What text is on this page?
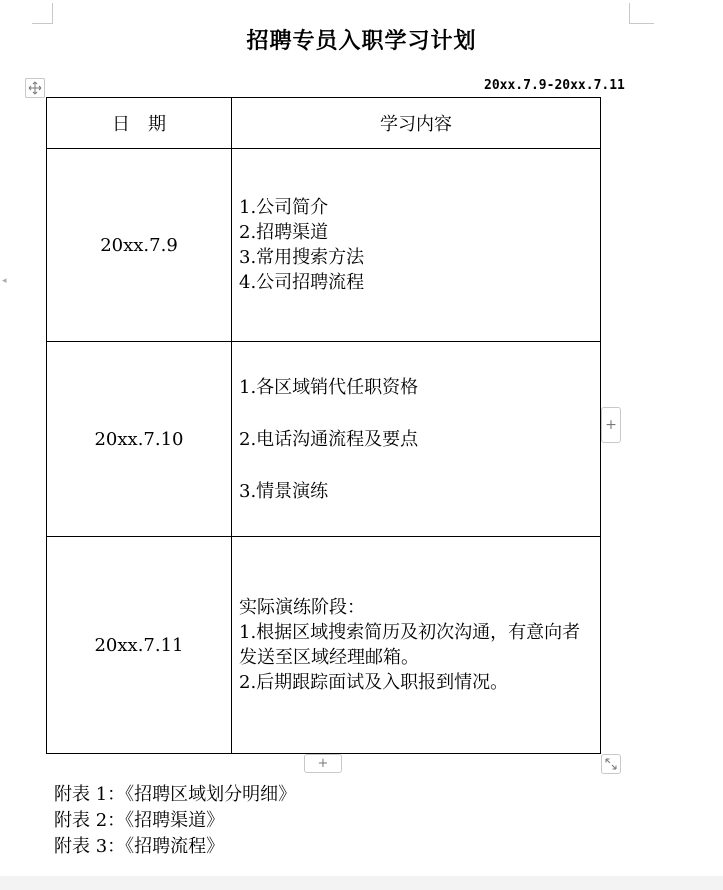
◂
招聘专员入职学习计划
20xx.7.9-20xx.7.11
日　期	学习内容
20xx.7.9	1.公司简介
2.招聘渠道
3.常用搜索方法
4.公司招聘流程

20xx.7.10	1.各区域销代任职资格
2.电话沟通流程及要点
3.情景演练

20xx.7.11	实际演练阶段：
1.根据区域搜索简历及初次沟通，有意向者发送至区域经理邮箱。
2.后期跟踪面试及入职报到情况。
+
+
附表 1：《招聘区域划分明细》
附表 2：《招聘渠道》
附表 3：《招聘流程》
